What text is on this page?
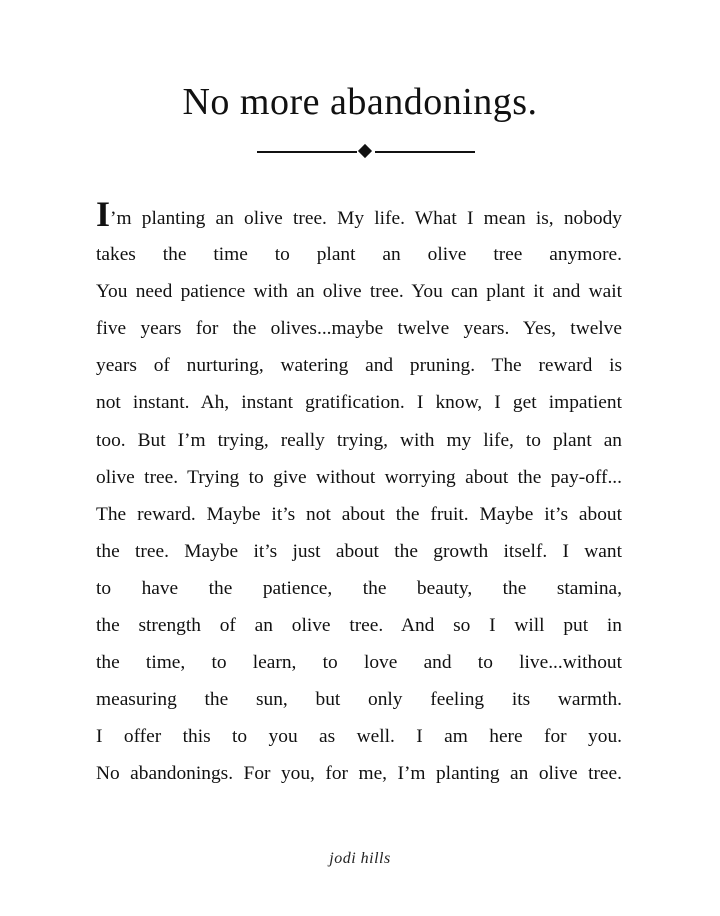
No more abandonings.
I’m planting an olive tree. My life. What I mean is, nobody
takes the time to plant an olive tree anymore.
You need patience with an olive tree. You can plant it and wait
five years for the olives...maybe twelve years. Yes, twelve
years of nurturing, watering and pruning. The reward is
not instant. Ah, instant gratification. I know, I get impatient
too. But I’m trying, really trying, with my life, to plant an
olive tree. Trying to give without worrying about the pay-off...
The reward. Maybe it’s not about the fruit. Maybe it’s about
the tree. Maybe it’s just about the growth itself. I want
to have the patience, the beauty, the stamina,
the strength of an olive tree. And so I will put in
the time, to learn, to love and to live...without
measuring the sun, but only feeling its warmth.
I offer this to you as well. I am here for you.
No abandonings. For you, for me, I’m planting an olive tree.
jodi hills
